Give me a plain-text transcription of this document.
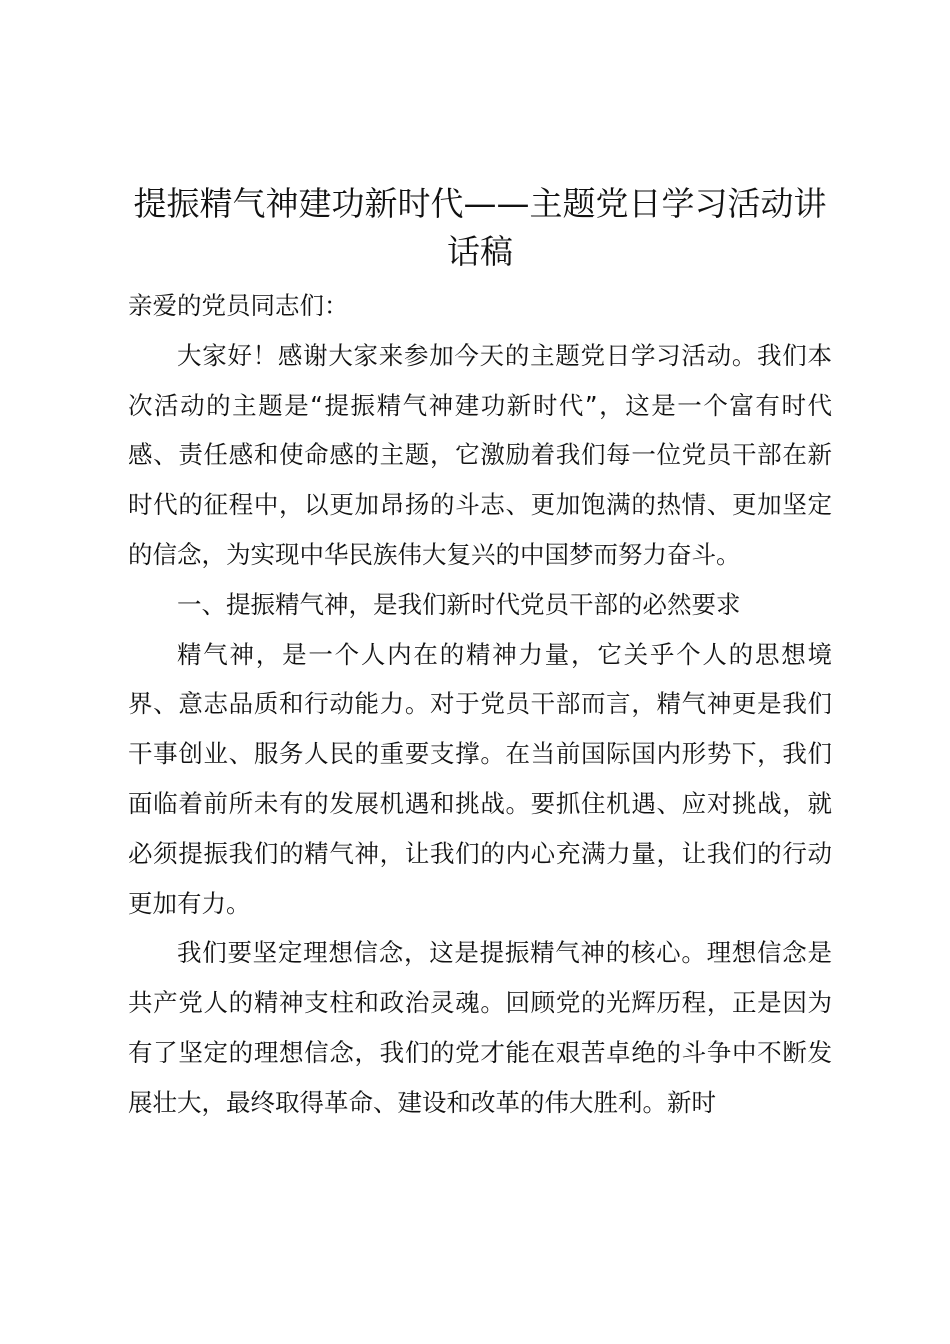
提振精气神建功新时代——主题党日学习活动讲话稿

亲爱的党员同志们：

大家好！感谢大家来参加今天的主题党日学习活动。我们本次活动的主题是“提振精气神建功新时代”，这是一个富有时代感、责任感和使命感的主题，它激励着我们每一位党员干部在新时代的征程中，以更加昂扬的斗志、更加饱满的热情、更加坚定的信念，为实现中华民族伟大复兴的中国梦而努力奋斗。

一、提振精气神，是我们新时代党员干部的必然要求

精气神，是一个人内在的精神力量，它关乎个人的思想境界、意志品质和行动能力。对于党员干部而言，精气神更是我们干事创业、服务人民的重要支撑。在当前国际国内形势下，我们面临着前所未有的发展机遇和挑战。要抓住机遇、应对挑战，就必须提振我们的精气神，让我们的内心充满力量，让我们的行动更加有力。

我们要坚定理想信念，这是提振精气神的核心。理想信念是共产党人的精神支柱和政治灵魂。回顾党的光辉历程，正是因为有了坚定的理想信念，我们的党才能在艰苦卓绝的斗争中不断发展壮大，最终取得革命、建设和改革的伟大胜利。新时
